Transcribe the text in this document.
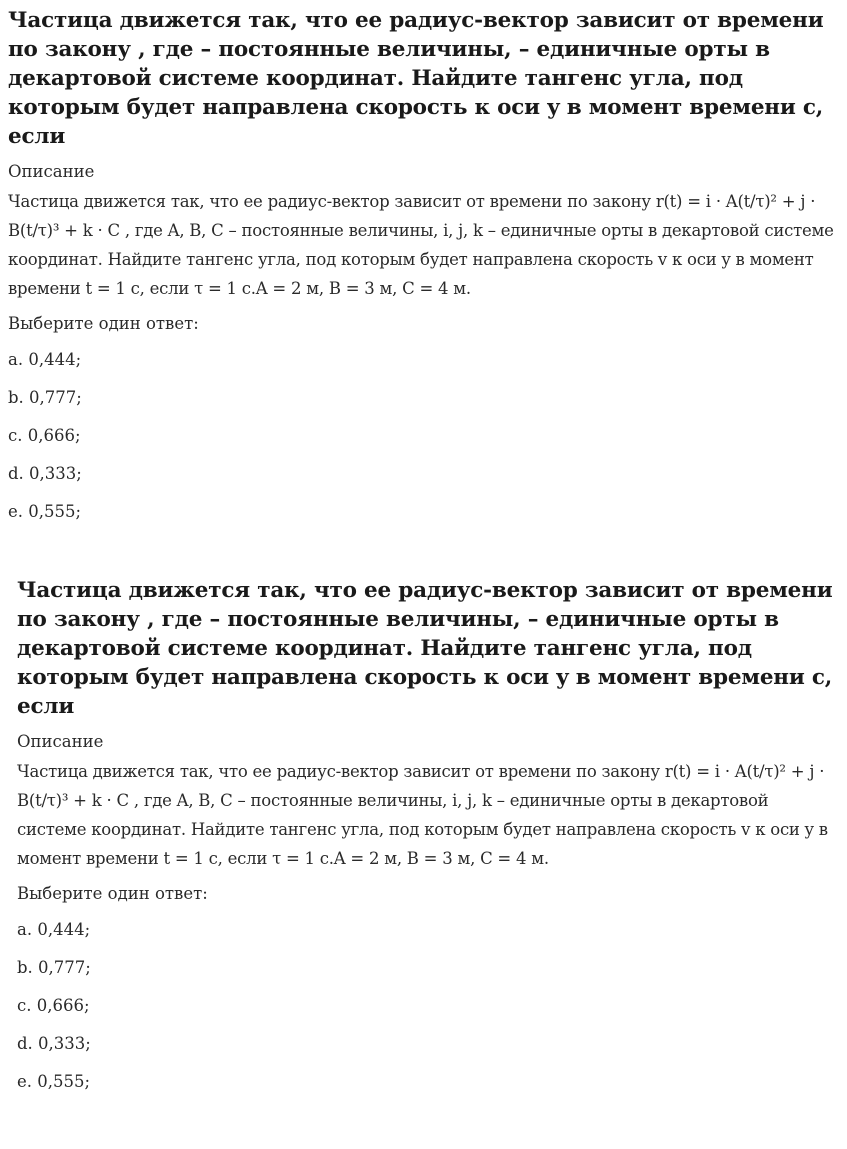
Частица движется так, что ее радиус-вектор зависит от времени по закону , где – постоянные величины, – единичные орты в декартовой системе координат. Найдите тангенс угла, под которым будет направлена скорость к оси y в момент времени с, если
Описание
Частица движется так, что ее радиус-вектор зависит от времени по закону r(t) = i · A(t/τ)² + j · B(t/τ)³ + k · C , где A, B, C – постоянные величины, i, j, k – единичные орты в декартовой системе координат. Найдите тангенс угла, под которым будет направлена скорость v к оси y в момент времени t = 1 с, если τ = 1 с.A = 2 м, B = 3 м, C = 4 м.
Выберите один ответ:
a. 0,444;
b. 0,777;
c. 0,666;
d. 0,333;
e. 0,555;
Частица движется так, что ее радиус-вектор зависит от времени по закону , где – постоянные величины, – единичные орты в декартовой системе координат. Найдите тангенс угла, под которым будет направлена скорость к оси y в момент времени с, если
Описание
Частица движется так, что ее радиус-вектор зависит от времени по закону r(t) = i · A(t/τ)² + j · B(t/τ)³ + k · C , где A, B, C – постоянные величины, i, j, k – единичные орты в декартовой системе координат. Найдите тангенс угла, под которым будет направлена скорость v к оси y в момент времени t = 1 с, если τ = 1 с.A = 2 м, B = 3 м, C = 4 м.
Выберите один ответ:
a. 0,444;
b. 0,777;
c. 0,666;
d. 0,333;
e. 0,555;
